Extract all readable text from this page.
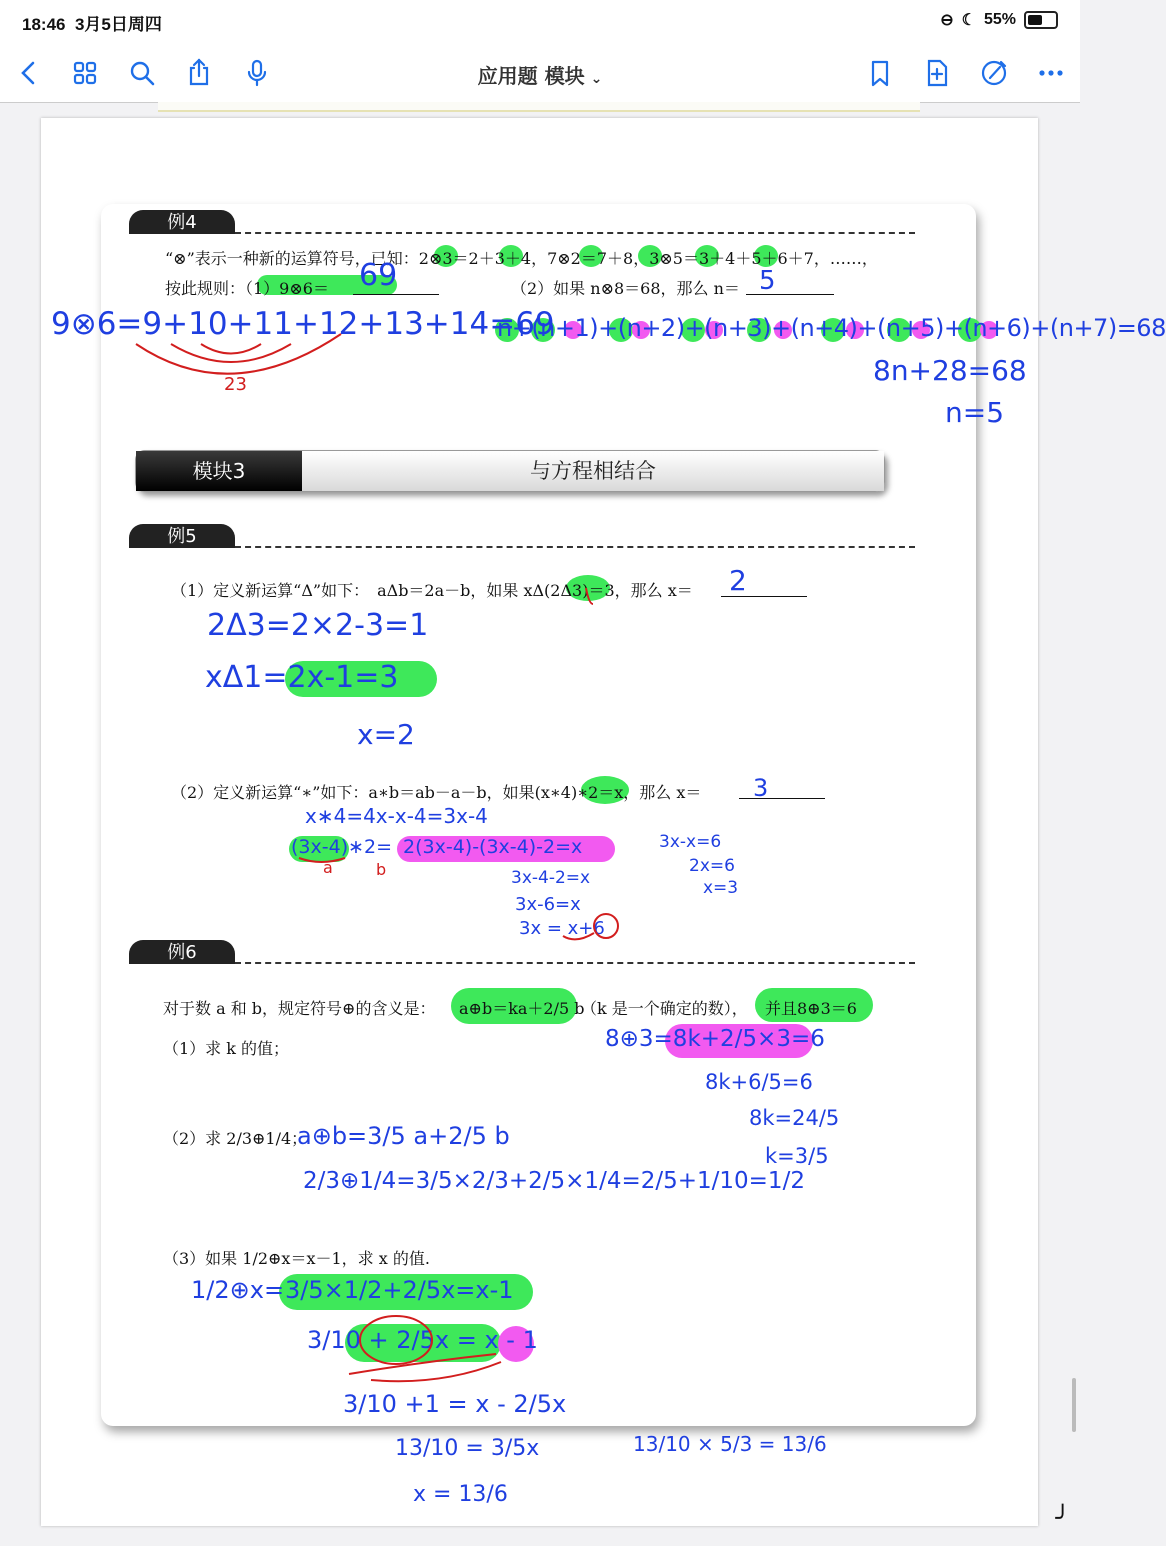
18:46 3月5日周四	⊖ ☾ 55%
应用题 模块 ⌄
例4
“⊗”表示一种新的运算符号，已知：2⊗3＝2＋3＋4，7⊗2＝7＋8，3⊗5＝3＋4＋5＋6＋7，……，
按此规则：（1）9⊗6＝	（2）如果 n⊗8＝68，那么 n＝
69	5
9⊗6=9+10+11+12+13+14=69
23
n+(n+1)+(n+2)+(n+3)+(n+4)+(n+5)+(n+6)+(n+7)=68
8n+28=68
n=5
模块3	与方程相结合
例5
（1）定义新运算“Δ”如下：　aΔb＝2a－b，如果 xΔ(2Δ3)＝3，那么 x＝ 2
2Δ3=2×2-3=1
xΔ1=2x-1=3
x=2
（2）定义新运算“∗”如下：a∗b＝ab－a－b，如果(x∗4)∗2＝x，那么 x＝ 3
x∗4=4x-x-4=3x-4
(3x-4)∗2= 2(3x-4)-(3x-4)-2=x
a	b	3x-4-2=x
3x-6=x
3x = x+6
3x-x=6
2x=6
x=3
例6
对于数 a 和 b，规定符号⊕的含义是： a⊕b＝ka＋2/5 b
（k 是一个确定的数）， 并且8⊕3＝6
（1）求 k 的值；	8⊕3=8k+2/5×3=6
8k+6/5=6
8k=24/5
k=3/5
（2）求 2/3⊕1/4；
a⊕b=3/5 a+2/5 b
2/3⊕1/4=3/5×2/3+2/5×1/4=2/5+1/10=1/2
（3）如果 1/2⊕x＝x－1，求 x 的值.
1/2⊕x= 3/5×1/2+2/5x=x-1
3/10 + 2/5x = x - 1
3/10 +1 = x - 2/5x
13/10 = 3/5x
x = 13/6
13/10 × 5/3 = 13/6
╯
